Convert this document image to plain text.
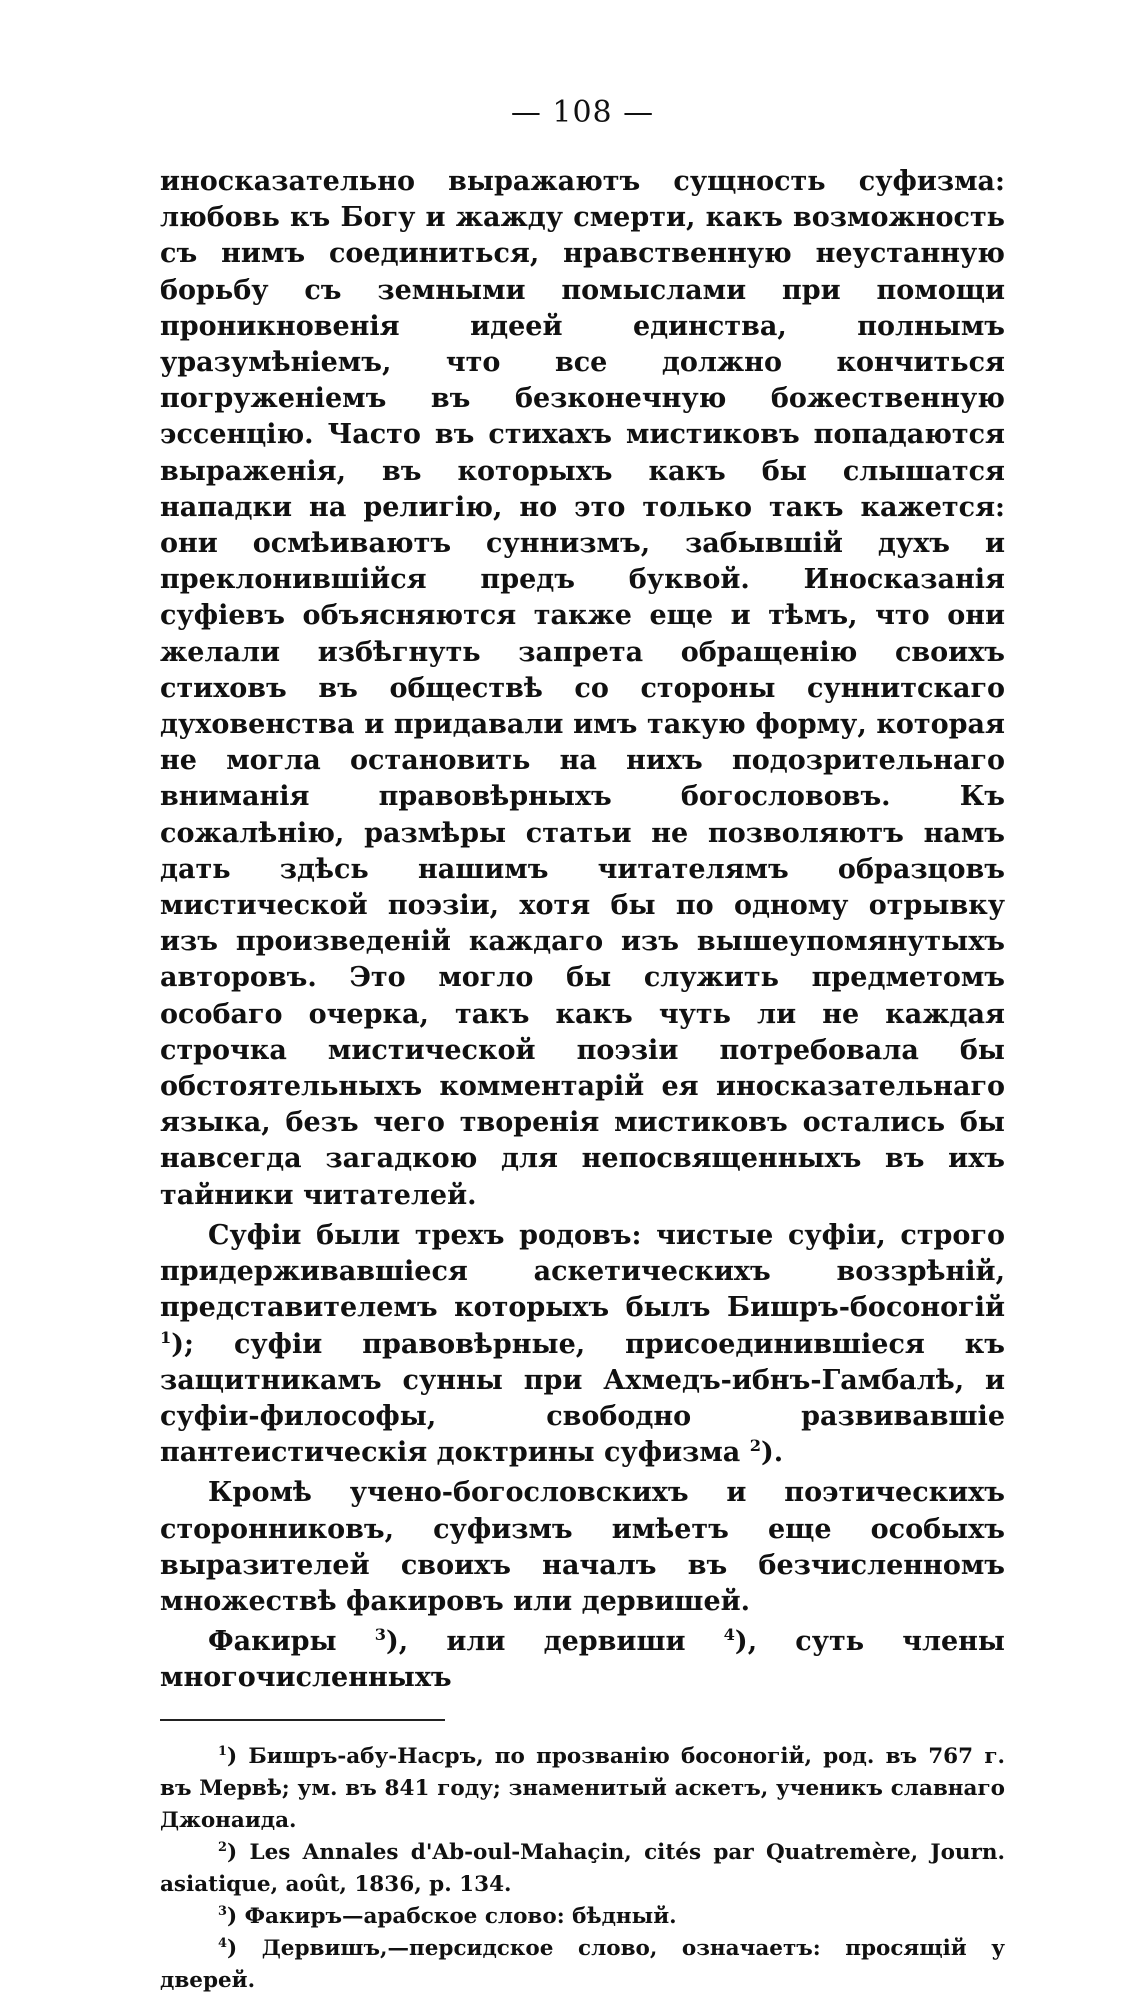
— 108 —

иносказательно выражаютъ сущность суфизма: любовь къ Богу и жажду смерти, какъ возможность съ нимъ соединиться, нравственную неустанную борьбу съ земными помыслами при помощи проникновенія идеей единства, полнымъ уразумѣніемъ, что все должно кончиться погруженіемъ въ безконечную божественную эссенцію. Часто въ стихахъ мистиковъ попадаются выраженія, въ которыхъ какъ бы слышатся нападки на религію, но это только такъ кажется: они осмѣиваютъ суннизмъ, забывшій духъ и преклонившійся предъ буквой. Иносказанія суфіевъ объясняются также еще и тѣмъ, что они желали избѣгнуть запрета обращенію своихъ стиховъ въ обществѣ со стороны суннитскаго духовенства и придавали имъ такую форму, которая не могла остановить на нихъ подозрительнаго вниманія правовѣрныхъ богослововъ. Къ сожалѣнію, размѣры статьи не позволяютъ намъ дать здѣсь нашимъ читателямъ образцовъ мистической поэзіи, хотя бы по одному отрывку изъ произведеній каждаго изъ вышеупомянутыхъ авторовъ. Это могло бы служить предметомъ особаго очерка, такъ какъ чуть ли не каждая строчка мистической поэзіи потребовала бы обстоятельныхъ комментарій ея иносказательнаго языка, безъ чего творенія мистиковъ остались бы навсегда загадкою для непосвященныхъ въ ихъ тайники читателей.

Суфіи были трехъ родовъ: чистые суфіи, строго придерживавшіеся аскетическихъ воззрѣній, представителемъ которыхъ былъ Бишръ-босоногій $^1$); суфіи правовѣрные, присоединившіеся къ защитникамъ сунны при Ахмедъ-ибнъ-Гамбалѣ, и суфіи-философы, свободно развивавшіе пантеистическія доктрины суфизма $^2$).

Кромѣ учено-богословскихъ и поэтическихъ сторонниковъ, суфизмъ имѣетъ еще особыхъ выразителей своихъ началъ въ безчисленномъ множествѣ факировъ или дервишей.

Факиры $^3$), или дервиши $^4$), суть члены многочисленныхъ

$^1$) Бишръ-абу-Насръ, по прозванію босоногій, род. въ 767 г. въ Мервѣ; ум. въ 841 году; знаменитый аскетъ, ученикъ славнаго Джонаида.

$^2$) Les Annales d'Ab-oul-Mahaçin, cités par Quatremère, Journ. asiatique, août, 1836, p. 134.

$^3$) Факиръ—арабское слово: бѣдный.

$^4$) Дервишъ,—персидское слово, означаетъ: просящій у дверей.
